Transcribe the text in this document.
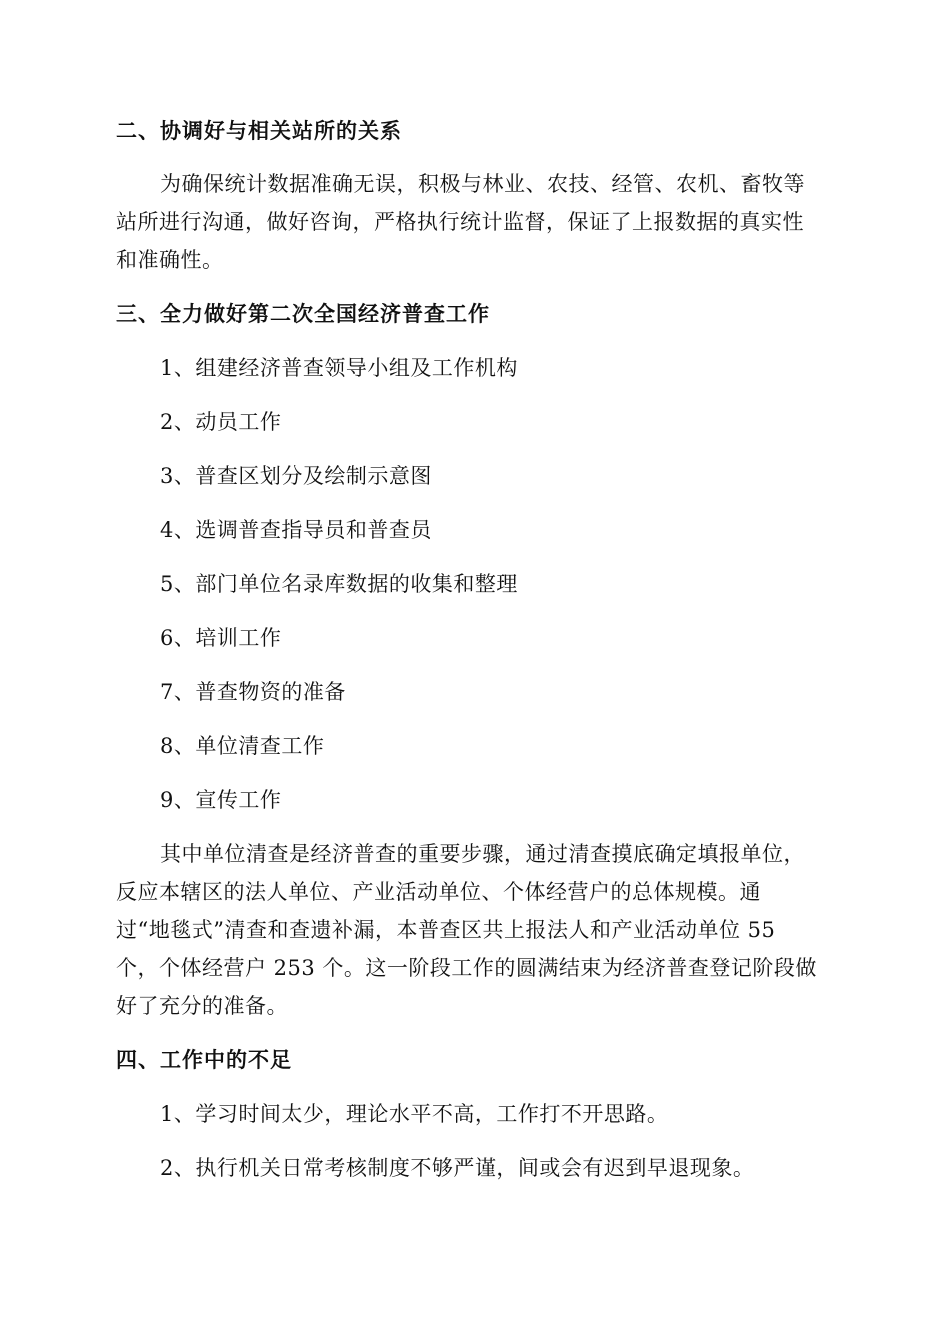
二、协调好与相关站所的关系
为确保统计数据准确无误，积极与林业、农技、经管、农机、畜牧等
站所进行沟通，做好咨询，严格执行统计监督，保证了上报数据的真实性
和准确性。
三、全力做好第二次全国经济普查工作
1、组建经济普查领导小组及工作机构
2、动员工作
3、普查区划分及绘制示意图
4、选调普查指导员和普查员
5、部门单位名录库数据的收集和整理
6、培训工作
7、普查物资的准备
8、单位清查工作
9、宣传工作
其中单位清查是经济普查的重要步骤，通过清查摸底确定填报单位，
反应本辖区的法人单位、产业活动单位、个体经营户的总体规模。通
过“地毯式”清查和查遗补漏，本普查区共上报法人和产业活动单位 55
个，个体经营户 253 个。这一阶段工作的圆满结束为经济普查登记阶段做
好了充分的准备。
四、工作中的不足
1、学习时间太少，理论水平不高，工作打不开思路。
2、执行机关日常考核制度不够严谨，间或会有迟到早退现象。
